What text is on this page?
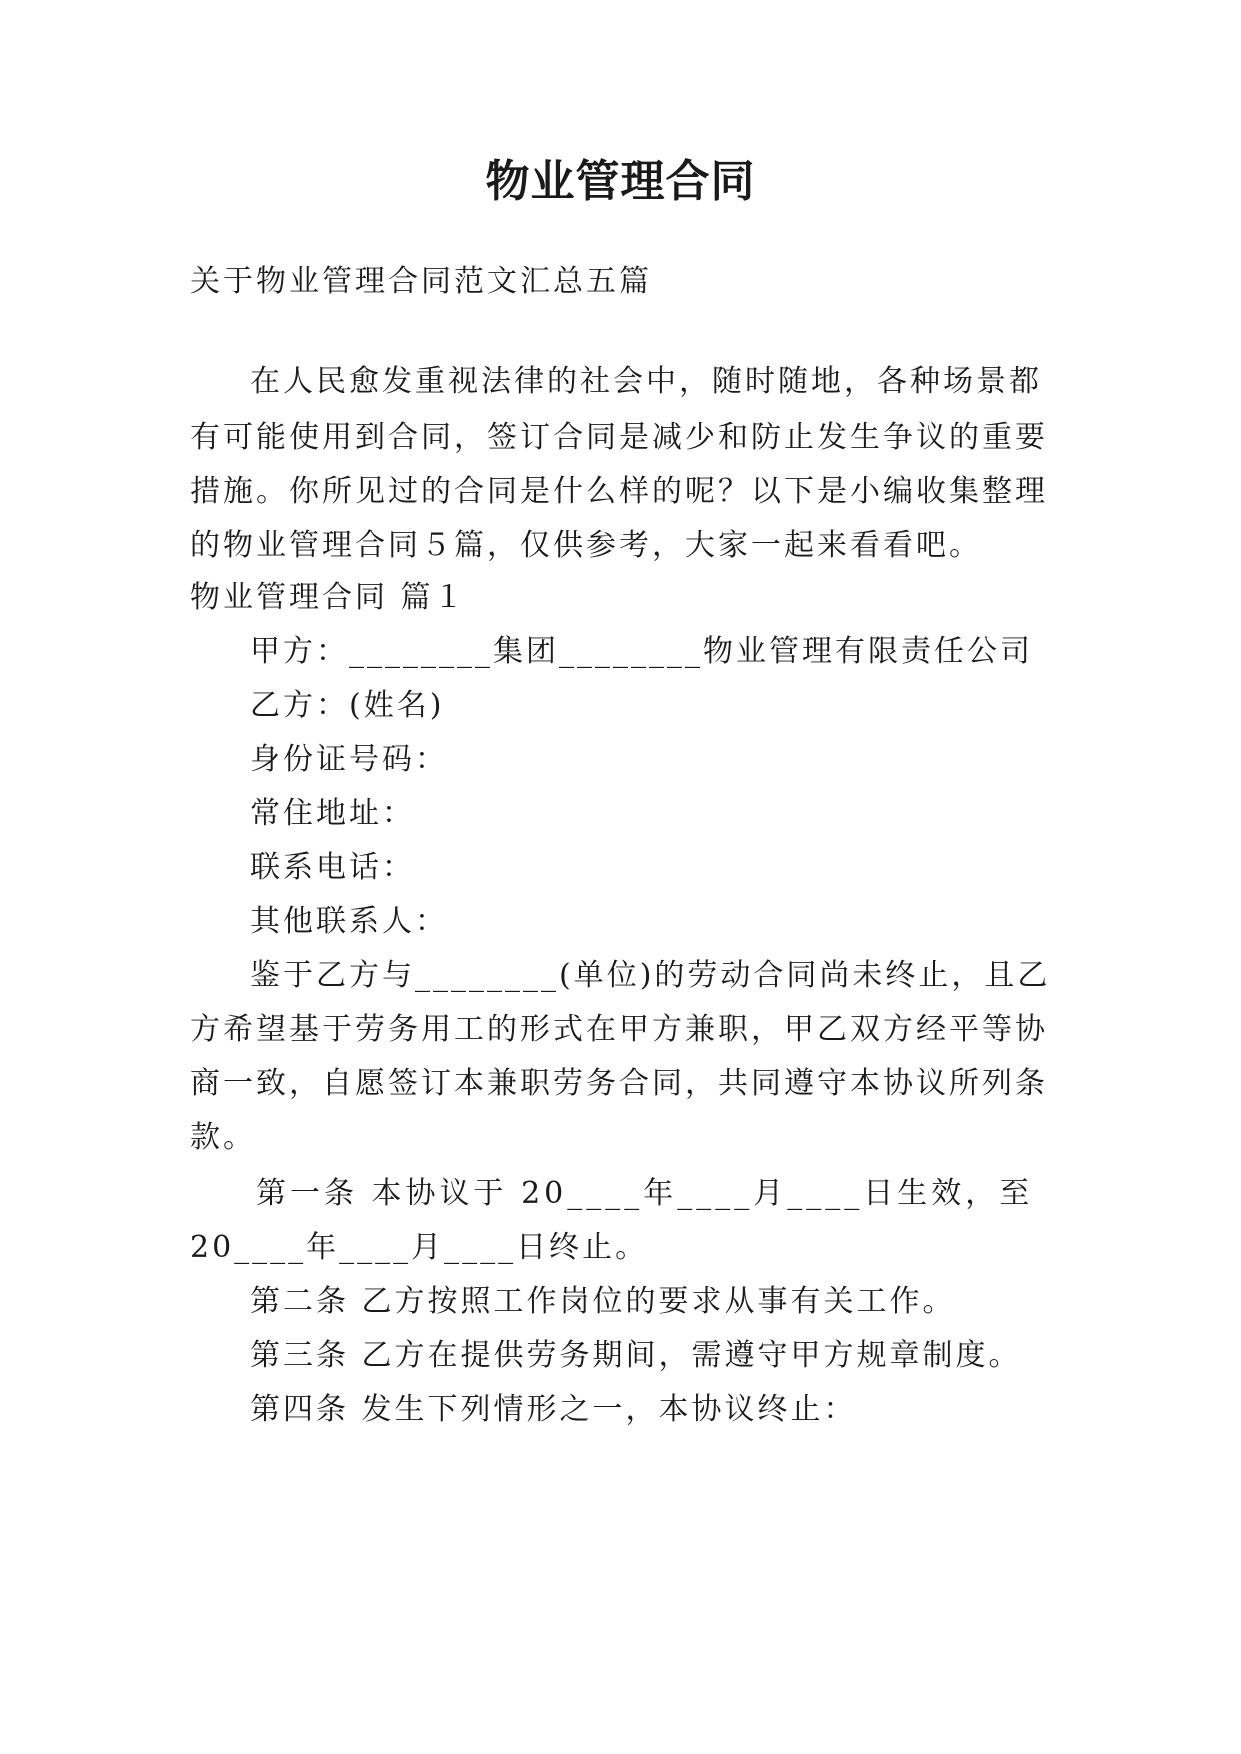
物业管理合同
关于物业管理合同范文汇总五篇
在人民愈发重视法律的社会中，随时随地，各种场景都
有可能使用到合同，签订合同是减少和防止发生争议的重要
措施。你所见过的合同是什么样的呢？以下是小编收集整理
的物业管理合同５篇，仅供参考，大家一起来看看吧。
物业管理合同 篇１
甲方：________集团________物业管理有限责任公司
乙方：(姓名)
身份证号码：
常住地址：
联系电话：
其他联系人：
鉴于乙方与________(单位)的劳动合同尚未终止，且乙
方希望基于劳务用工的形式在甲方兼职，甲乙双方经平等协
商一致，自愿签订本兼职劳务合同，共同遵守本协议所列条
款。
第一条 本协议于 20____年____月____日生效，至
20____年____月____日终止。
第二条 乙方按照工作岗位的要求从事有关工作。
第三条 乙方在提供劳务期间，需遵守甲方规章制度。
第四条 发生下列情形之一，本协议终止：
